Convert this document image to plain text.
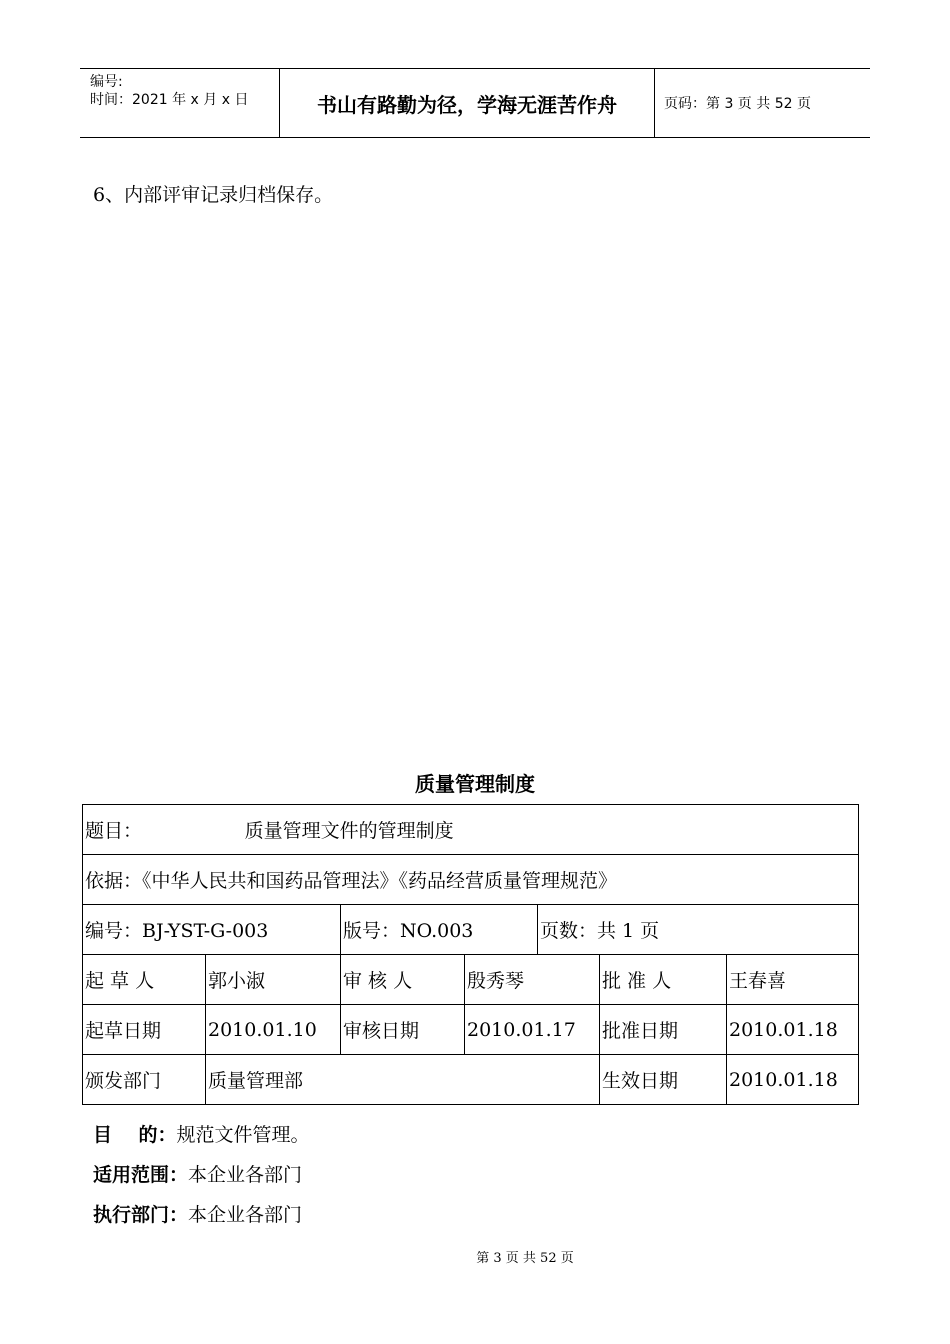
编号:
时间：2021 年 x 月 x 日	书山有路勤为径，学海无涯苦作舟	页码：第 3 页 共 52 页
6、内部评审记录归档保存。
质量管理制度
题目：                 质量管理文件的管理制度						
依据：《中华人民共和国药品管理法》《药品经营质量管理规范》						
编号：BJ-YST-G-003		版号：NO.003		页数：共 1 页		
起 草 人	郭小淑	审 核 人	殷秀琴		批 准 人	王春喜
起草日期	2010.01.10	审核日期	2010.01.17		批准日期	2010.01.18
颁发部门	质量管理部				生效日期	2010.01.18
目    的：规范文件管理。
适用范围：本企业各部门
执行部门：本企业各部门
第 3 页 共 52 页
